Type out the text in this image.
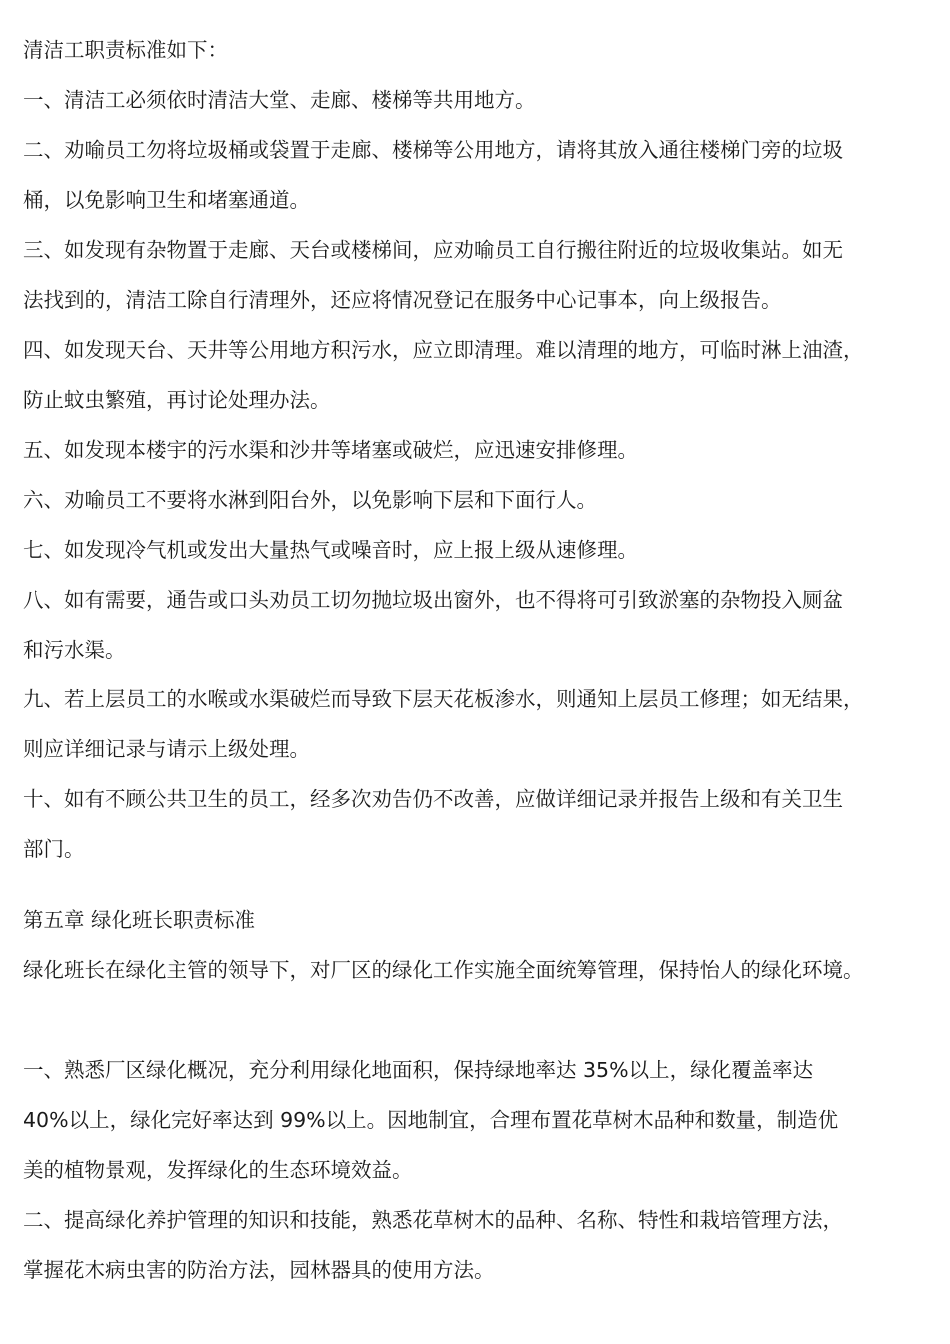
清洁工职责标准如下：

一、清洁工必须依时清洁大堂、走廊、楼梯等共用地方。

二、劝喻员工勿将垃圾桶或袋置于走廊、楼梯等公用地方，请将其放入通往楼梯门旁的垃圾

桶，以免影响卫生和堵塞通道。

三、如发现有杂物置于走廊、天台或楼梯间，应劝喻员工自行搬往附近的垃圾收集站。如无

法找到的，清洁工除自行清理外，还应将情况登记在服务中心记事本，向上级报告。

四、如发现天台、天井等公用地方积污水，应立即清理。难以清理的地方，可临时淋上油渣，

防止蚊虫繁殖，再讨论处理办法。

五、如发现本楼宇的污水渠和沙井等堵塞或破烂，应迅速安排修理。

六、劝喻员工不要将水淋到阳台外，以免影响下层和下面行人。

七、如发现冷气机或发出大量热气或噪音时，应上报上级从速修理。

八、如有需要，通告或口头劝员工切勿抛垃圾出窗外，也不得将可引致淤塞的杂物投入厕盆

和污水渠。

九、若上层员工的水喉或水渠破烂而导致下层天花板渗水，则通知上层员工修理；如无结果，

则应详细记录与请示上级处理。

十、如有不顾公共卫生的员工，经多次劝告仍不改善，应做详细记录并报告上级和有关卫生

部门。

第五章 绿化班长职责标准

绿化班长在绿化主管的领导下，对厂区的绿化工作实施全面统筹管理，保持怡人的绿化环境。

一、熟悉厂区绿化概况，充分利用绿化地面积，保持绿地率达 35%以上，绿化覆盖率达

40%以上，绿化完好率达到 99%以上。因地制宜，合理布置花草树木品种和数量，制造优

美的植物景观，发挥绿化的生态环境效益。

二、提高绿化养护管理的知识和技能，熟悉花草树木的品种、名称、特性和栽培管理方法，

掌握花木病虫害的防治方法，园林器具的使用方法。
